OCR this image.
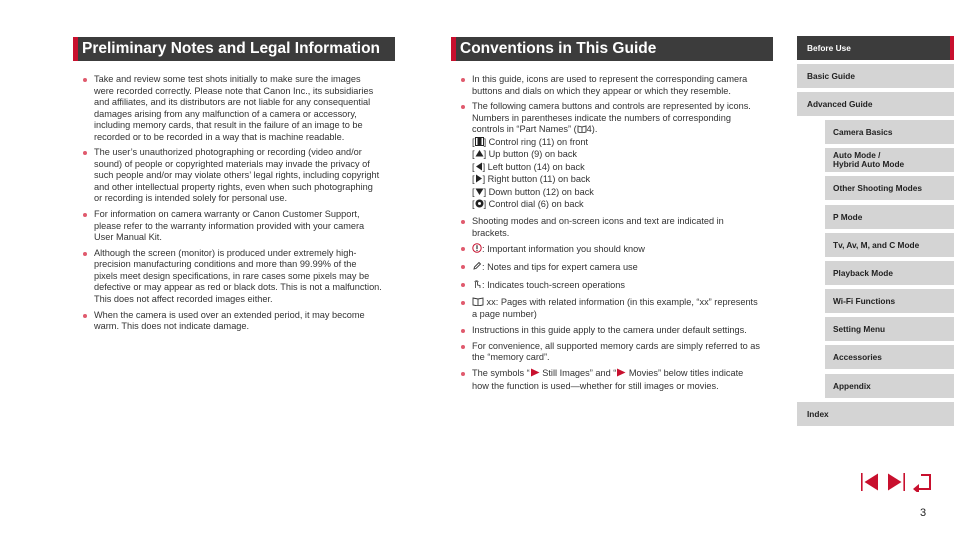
Preliminary Notes and Legal Information
Take and review some test shots initially to make sure the images
were recorded correctly. Please note that Canon Inc., its subsidiaries
and affiliates, and its distributors are not liable for any consequential
damages arising from any malfunction of a camera or accessory,
including memory cards, that result in the failure of an image to be
recorded or to be recorded in a way that is machine readable.
The user’s unauthorized photographing or recording (video and/or
sound) of people or copyrighted materials may invade the privacy of
such people and/or may violate others’ legal rights, including copyright
and other intellectual property rights, even when such photographing
or recording is intended solely for personal use.
For information on camera warranty or Canon Customer Support,
please refer to the warranty information provided with your camera
User Manual Kit.
Although the screen (monitor) is produced under extremely high-
precision manufacturing conditions and more than 99.99% of the
pixels meet design specifications, in rare cases some pixels may be
defective or may appear as red or black dots. This is not a malfunction.
This does not affect recorded images either.
When the camera is used over an extended period, it may become
warm. This does not indicate damage.
Conventions in This Guide
In this guide, icons are used to represent the corresponding camera
buttons and dials on which they appear or which they resemble.
The following camera buttons and controls are represented by icons.
Numbers in parentheses indicate the numbers of corresponding
controls in “Part Names” ( 4).
[ ] Control ring (11) on front
[ ] Up button (9) on back
[ ] Left button (14) on back
[ ] Right button (11) on back
[ ] Down button (12) on back
[ ] Control dial (6) on back
Shooting modes and on-screen icons and text are indicated in
brackets.
: Important information you should know
: Notes and tips for expert camera use
: Indicates touch-screen operations
xx: Pages with related information (in this example, “xx” represents
a page number)
Instructions in this guide apply to the camera under default settings.
For convenience, all supported memory cards are simply referred to as
the “memory card”.
The symbols “ Still Images” and “ Movies” below titles indicate
how the function is used—whether for still images or movies.
Before Use
Basic Guide
Advanced Guide
Camera Basics
Auto Mode /
Hybrid Auto Mode
Other Shooting Modes
P Mode
Tv, Av, M, and C Mode
Playback Mode
Wi-Fi Functions
Setting Menu
Accessories
Appendix
Index
3
